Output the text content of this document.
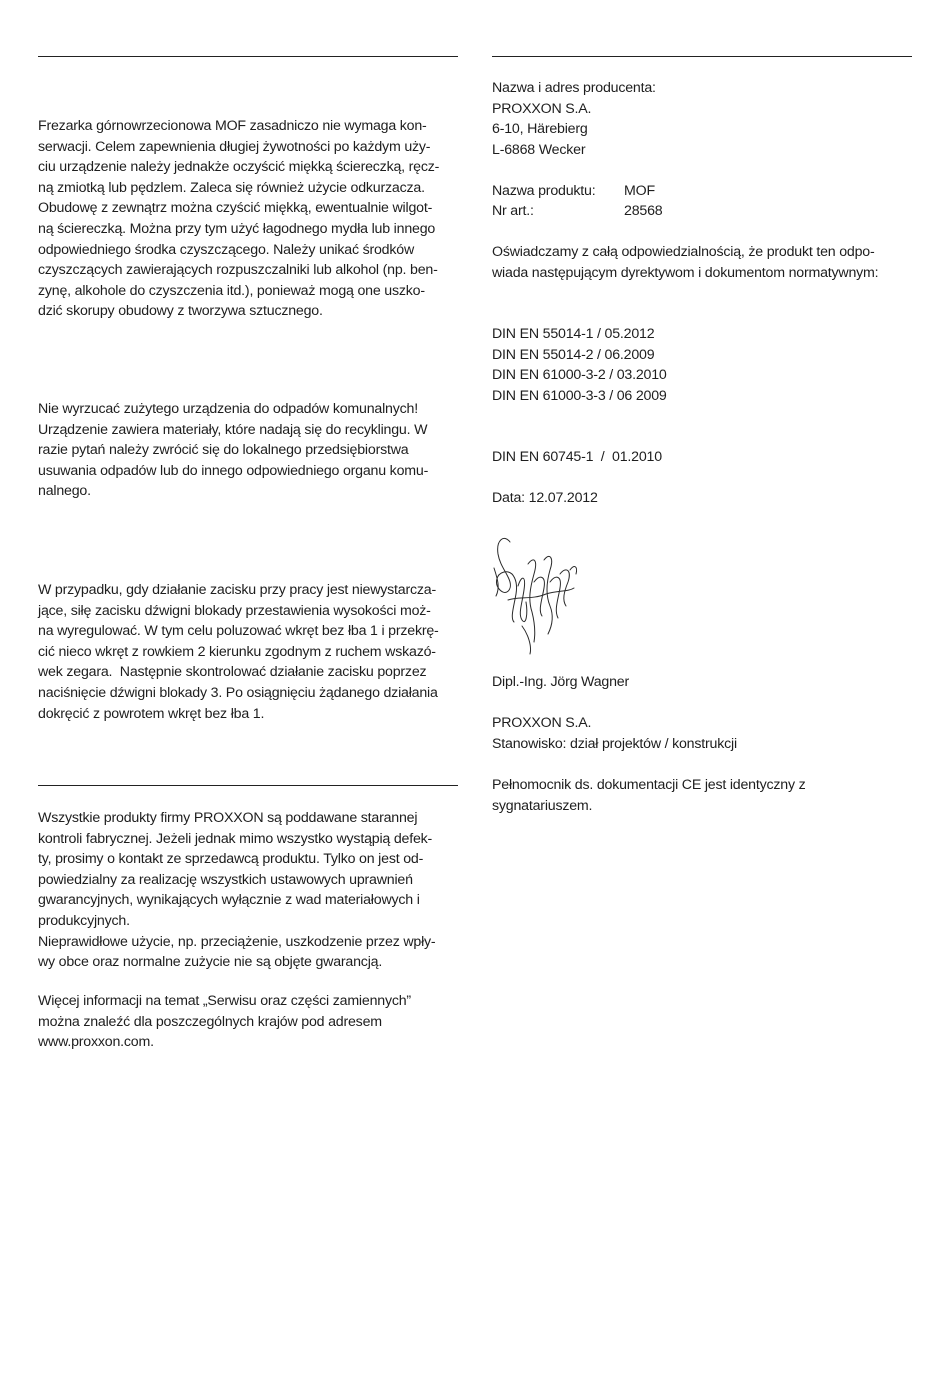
Frezarka górnowrzecionowa MOF zasadniczo nie wymaga kon-
serwacji. Celem zapewnienia długiej żywotności po każdym uży-
ciu urządzenie należy jednakże oczyścić miękką ściereczką, ręcz-
ną zmiotką lub pędzlem. Zaleca się również użycie odkurzacza.
Obudowę z zewnątrz można czyścić miękką, ewentualnie wilgot-
ną ściereczką. Można przy tym użyć łagodnego mydła lub innego
odpowiedniego środka czyszczącego. Należy unikać środków
czyszczących zawierających rozpuszczalniki lub alkohol (np. ben-
zynę, alkohole do czyszczenia itd.), ponieważ mogą one uszko-
dzić skorupy obudowy z tworzywa sztucznego.
Nie wyrzucać zużytego urządzenia do odpadów komunalnych!
Urządzenie zawiera materiały, które nadają się do recyklingu. W
razie pytań należy zwrócić się do lokalnego przedsiębiorstwa
usuwania odpadów lub do innego odpowiedniego organu komu-
nalnego.
W przypadku, gdy działanie zacisku przy pracy jest niewystarcza-
jące, siłę zacisku dźwigni blokady przestawienia wysokości moż-
na wyregulować. W tym celu poluzować wkręt bez łba 1 i przekrę-
cić nieco wkręt z rowkiem 2 kierunku zgodnym z ruchem wskazó-
wek zegara.  Następnie skontrolować działanie zacisku poprzez
naciśnięcie dźwigni blokady 3. Po osiągnięciu żądanego działania
dokręcić z powrotem wkręt bez łba 1.
Wszystkie produkty firmy PROXXON są poddawane starannej
kontroli fabrycznej. Jeżeli jednak mimo wszystko wystąpią defek-
ty, prosimy o kontakt ze sprzedawcą produktu. Tylko on jest od-
powiedzialny za realizację wszystkich ustawowych uprawnień
gwarancyjnych, wynikających wyłącznie z wad materiałowych i
produkcyjnych.
Nieprawidłowe użycie, np. przeciążenie, uszkodzenie przez wpły-
wy obce oraz normalne zużycie nie są objęte gwarancją.
Więcej informacji na temat „Serwisu oraz części zamiennych”
można znaleźć dla poszczególnych krajów pod adresem
www.proxxon.com.
Nazwa i adres producenta:
PROXXON S.A.
6-10, Härebierg
L-6868 Wecker
Nazwa produktu: MOF
Nr art.:	28568
Oświadczamy z całą odpowiedzialnością, że produkt ten odpo-
wiada następującym dyrektywom i dokumentom normatywnym:
DIN EN 55014-1 / 05.2012
DIN EN 55014-2 / 06.2009
DIN EN 61000-3-2 / 03.2010
DIN EN 61000-3-3 / 06 2009
DIN EN 60745-1  /  01.2010
Data: 12.07.2012
Dipl.-Ing. Jörg Wagner
PROXXON S.A.
Stanowisko: dział projektów / konstrukcji
Pełnomocnik ds. dokumentacji CE jest identyczny z
sygnatariuszem.
